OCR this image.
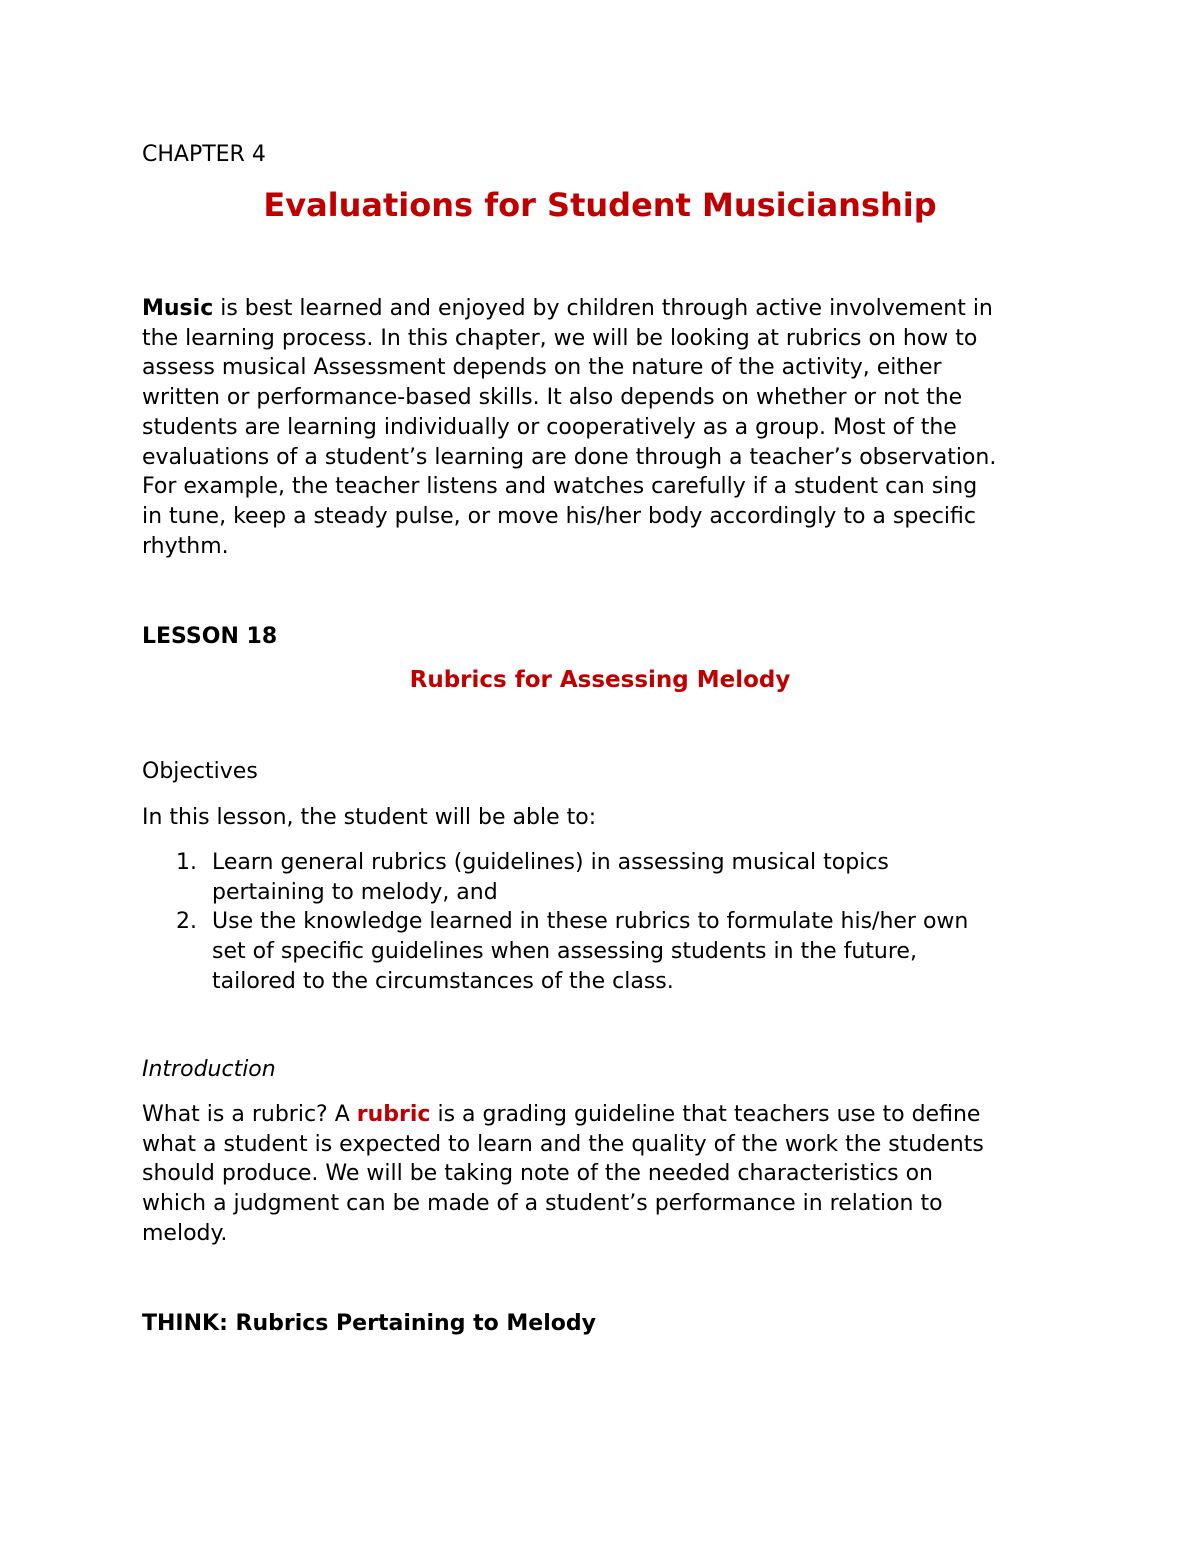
CHAPTER 4
Evaluations for Student Musicianship
Music is best learned and enjoyed by children through active involvement in
the learning process. In this chapter, we will be looking at rubrics on how to
assess musical Assessment depends on the nature of the activity, either
written or performance-based skills. It also depends on whether or not the
students are learning individually or cooperatively as a group. Most of the
evaluations of a student’s learning are done through a teacher’s observation.
For example, the teacher listens and watches carefully if a student can sing
in tune, keep a steady pulse, or move his/her body accordingly to a specific
rhythm.
LESSON 18
Rubrics for Assessing Melody
Objectives
In this lesson, the student will be able to:
1. Learn general rubrics (guidelines) in assessing musical topics
pertaining to melody, and
2. Use the knowledge learned in these rubrics to formulate his/her own
set of specific guidelines when assessing students in the future,
tailored to the circumstances of the class.
Introduction
What is a rubric? A rubric is a grading guideline that teachers use to define
what a student is expected to learn and the quality of the work the students
should produce. We will be taking note of the needed characteristics on
which a judgment can be made of a student’s performance in relation to
melody.
THINK: Rubrics Pertaining to Melody
